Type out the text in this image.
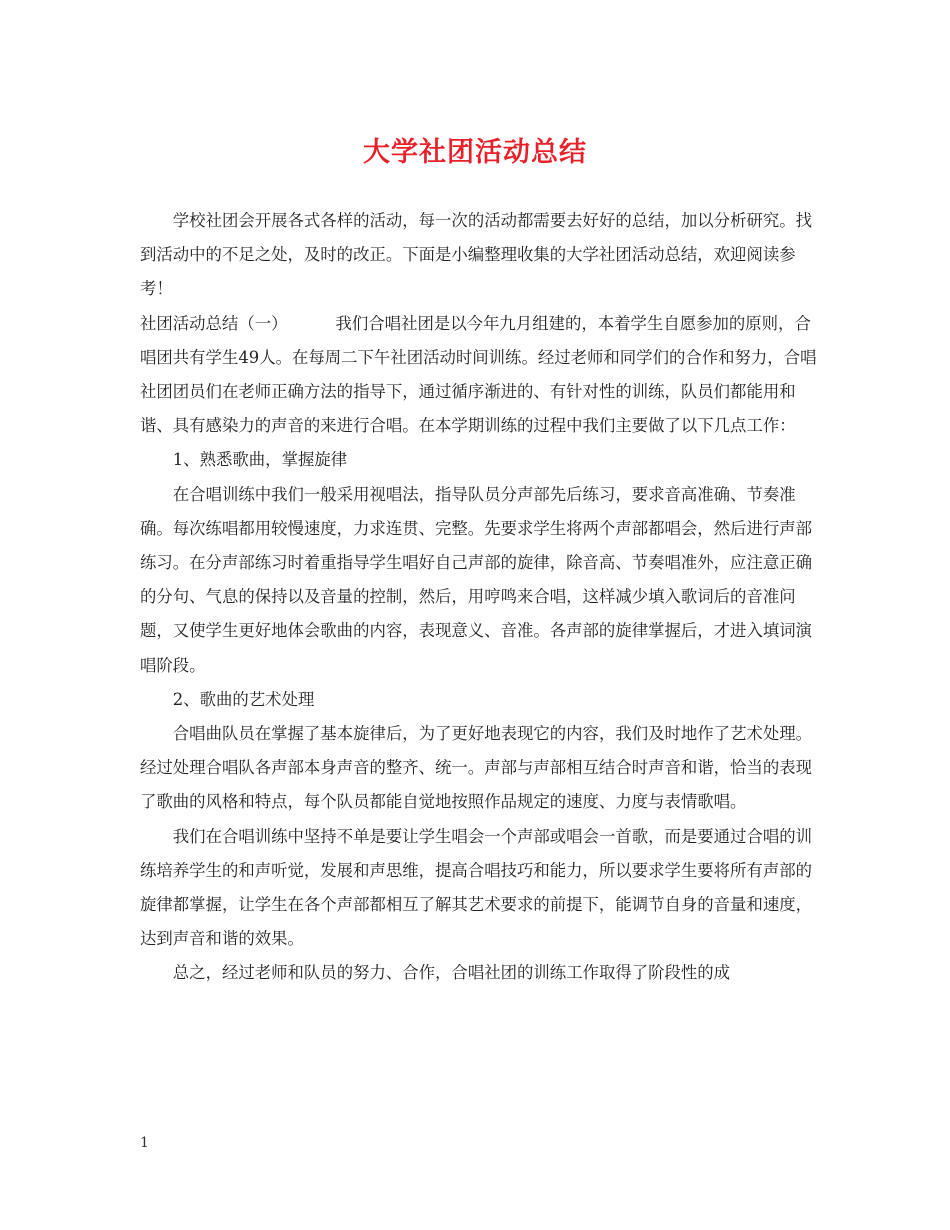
大学社团活动总结

学校社团会开展各式各样的活动，每一次的活动都需要去好好的总结，加以分析研究。找到活动中的不足之处，及时的改正。下面是小编整理收集的大学社团活动总结，欢迎阅读参考！

社团活动总结（一）	我们合唱社团是以今年九月组建的，本着学生自愿参加的原则，合唱团共有学生49人。在每周二下午社团活动时间训练。经过老师和同学们的合作和努力，合唱社团团员们在老师正确方法的指导下，通过循序渐进的、有针对性的训练，队员们都能用和谐、具有感染力的声音的来进行合唱。在本学期训练的过程中我们主要做了以下几点工作：

1、熟悉歌曲，掌握旋律

在合唱训练中我们一般采用视唱法，指导队员分声部先后练习，要求音高准确、节奏准确。每次练唱都用较慢速度，力求连贯、完整。先要求学生将两个声部都唱会，然后进行声部练习。在分声部练习时着重指导学生唱好自己声部的旋律，除音高、节奏唱准外，应注意正确的分句、气息的保持以及音量的控制，然后，用哼鸣来合唱，这样减少填入歌词后的音准问题，又使学生更好地体会歌曲的内容，表现意义、音准。各声部的旋律掌握后，才进入填词演唱阶段。

2、歌曲的艺术处理

合唱曲队员在掌握了基本旋律后，为了更好地表现它的内容，我们及时地作了艺术处理。经过处理合唱队各声部本身声音的整齐、统一。声部与声部相互结合时声音和谐，恰当的表现了歌曲的风格和特点，每个队员都能自觉地按照作品规定的速度、力度与表情歌唱。

我们在合唱训练中坚持不单是要让学生唱会一个声部或唱会一首歌，而是要通过合唱的训练培养学生的和声听觉，发展和声思维，提高合唱技巧和能力，所以要求学生要将所有声部的旋律都掌握，让学生在各个声部都相互了解其艺术要求的前提下，能调节自身的音量和速度，达到声音和谐的效果。

总之，经过老师和队员的努力、合作，合唱社团的训练工作取得了阶段性的成

1
